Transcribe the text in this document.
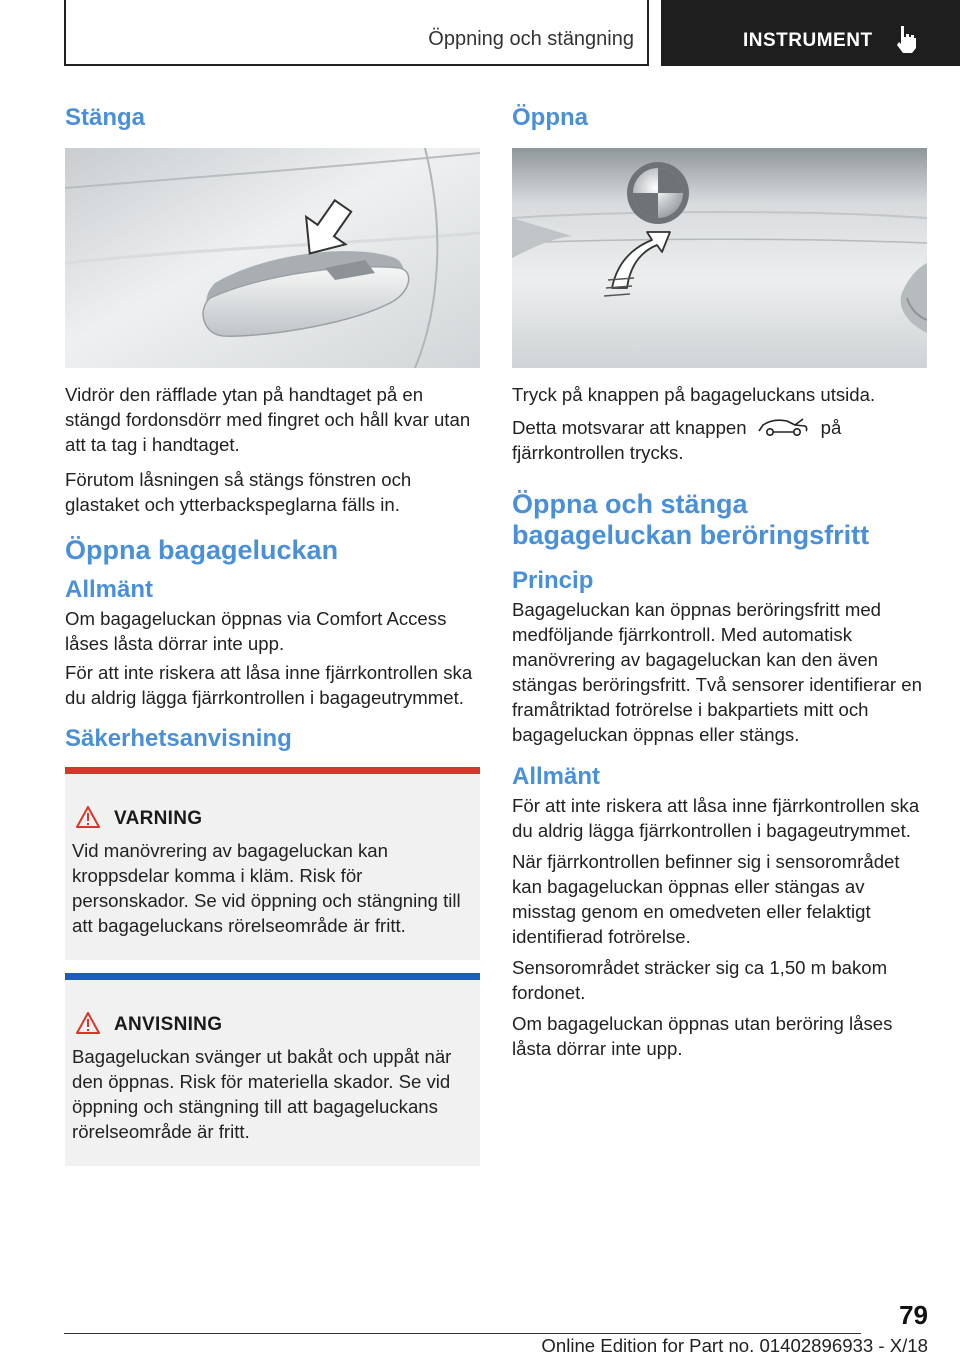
Öppning och stängning	INSTRUMENT
Stänga

Vidrör den räfflade ytan på handtaget på en stängd fordonsdörr med fingret och håll kvar utan att ta tag i handtaget.

Förutom låsningen så stängs fönstren och glastaket och ytterbackspeglarna fälls in.

Öppna bagageluckan
Allmänt

Om bagageluckan öppnas via Comfort Access låses låsta dörrar inte upp.

För att inte riskera att låsa inne fjärrkontrollen ska du aldrig lägga fjärrkontrollen i bagageutrymmet.

Säkerhetsanvisning
VARNING

Vid manövrering av bagageluckan kan kroppsdelar komma i kläm. Risk för personskador. Se vid öppning och stängning till att bagageluckans rörelseområde är fritt.

ANVISNING

Bagageluckan svänger ut bakåt och uppåt när den öppnas. Risk för materiella skador. Se vid öppning och stängning till att bagageluckans rörelseområde är fritt.

Öppna

Tryck på knappen på bagageluckans utsida.

Detta motsvarar att knappen	på fjärrkontrollen trycks.

Öppna och stänga bagageluckan beröringsfritt
Princip

Bagageluckan kan öppnas beröringsfritt med medföljande fjärrkontroll. Med automatisk manövrering av bagageluckan kan den även stängas beröringsfritt. Två sensorer identifierar en framåtriktad fotrörelse i bakpartiets mitt och bagageluckan öppnas eller stängs.

Allmänt

För att inte riskera att låsa inne fjärrkontrollen ska du aldrig lägga fjärrkontrollen i bagageutrymmet.

När fjärrkontrollen befinner sig i sensorområdet kan bagageluckan öppnas eller stängas av misstag genom en omedveten eller felaktigt identifierad fotrörelse.

Sensorområdet sträcker sig ca 1,50 m bakom fordonet.

Om bagageluckan öppnas utan beröring låses låsta dörrar inte upp.

79
Online Edition for Part no. 01402896933 - X/18
